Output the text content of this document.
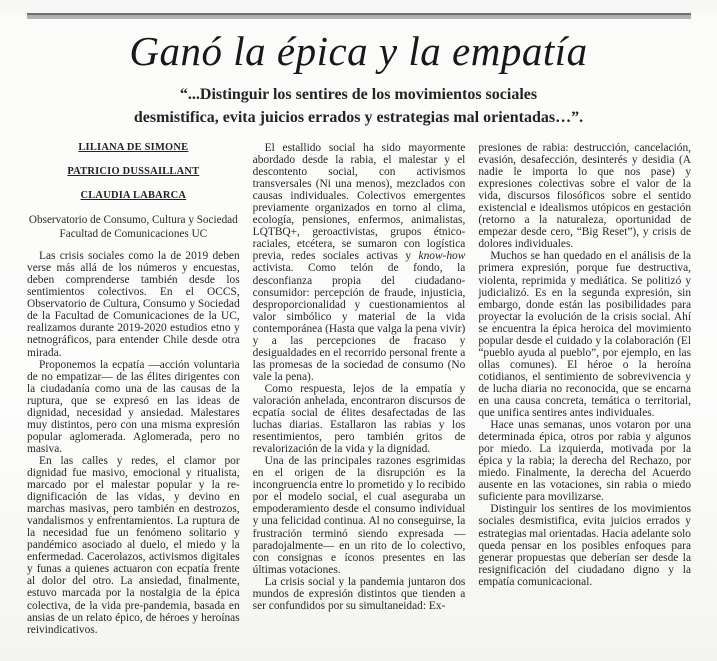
Ganó la épica y la empatía
“...Distinguir los sentires de los movimientos sociales
desmistifica, evita juicios errados y estrategias mal orientadas…”.
LILIANA DE SIMONE
PATRICIO DUSSAILLANT
CLAUDIA LABARCA
Observatorio de Consumo, Cultura y Sociedad
Facultad de Comunicaciones UC

Las crisis sociales como la de 2019 deben verse más allá de los números y encuestas, deben comprenderse también desde los sentimientos colectivos. En el OCCS, Observatorio de Cultura, Consumo y Sociedad de la Facultad de Comunicaciones de la UC, realizamos durante 2019-2020 estudios etno y netnográficos, para entender Chile desde otra mirada.

Proponemos la ecpatía —acción voluntaria de no empatizar— de las élites dirigentes con la ciudadanía como una de las causas de la ruptura, que se expresó en las ideas de dignidad, necesidad y ansiedad. Malestares muy distintos, pero con una misma expresión popular aglomerada. Aglomerada, pero no masiva.

En las calles y redes, el clamor por dignidad fue masivo, emocional y ritualista, marcado por el malestar popular y la re-dignificación de las vidas, y devino en marchas masivas, pero también en destrozos, vandalismos y enfrentamientos. La ruptura de la necesidad fue un fenómeno solitario y pandémico asociado al duelo, el miedo y la enfermedad. Cacerolazos, activismos digitales y funas a quienes actuaron con ecpatía frente al dolor del otro. La ansiedad, finalmente, estuvo marcada por la nostalgia de la épica colectiva, de la vida pre-pandemia, basada en ansias de un relato épico, de héroes y heroínas reivindicativos.

El estallido social ha sido mayormente abordado desde la rabia, el malestar y el descontento social, con activismos transversales (Ni una menos), mezclados con causas individuales. Colectivos emergentes previamente organizados en torno al clima, ecología, pensiones, enfermos, animalistas, LQTBQ+, geroactivistas, grupos étnico-raciales, etcétera, se sumaron con logística previa, redes sociales activas y know-how activista. Como telón de fondo, la desconfianza propia del ciudadano-consumidor: percepción de fraude, injusticia, desproporcionalidad y cuestionamientos al valor simbólico y material de la vida contemporánea (Hasta que valga la pena vivir) y a las percepciones de fracaso y desigualdades en el recorrido personal frente a las promesas de la sociedad de consumo (No vale la pena).

Como respuesta, lejos de la empatía y valoración anhelada, encontraron discursos de ecpatía social de élites desafectadas de las luchas diarias. Estallaron las rabias y los resentimientos, pero también gritos de revalorización de la vida y la dignidad.

Una de las principales razones esgrimidas en el origen de la disrupción es la incongruencia entre lo prometido y lo recibido por el modelo social, el cual aseguraba un empoderamiento desde el consumo individual y una felicidad continua. Al no conseguirse, la frustración terminó siendo expresada —paradojalmente— en un rito de lo colectivo, con consignas e íconos presentes en las últimas votaciones.

La crisis social y la pandemia juntaron dos mundos de expresión distintos que tienden a ser confundidos por su simultaneidad: Ex-

presiones de rabia: destrucción, cancelación, evasión, desafección, desinterés y desidia (A nadie le importa lo que nos pase) y expresiones colectivas sobre el valor de la vida, discursos filosóficos sobre el sentido existencial e idealismos utópicos en gestación (retorno a la naturaleza, oportunidad de empezar desde cero, “Big Reset”), y crisis de dolores individuales.

Muchos se han quedado en el análisis de la primera expresión, porque fue destructiva, violenta, reprimida y mediática. Se politizó y judicializó. Es en la segunda expresión, sin embargo, donde están las posibilidades para proyectar la evolución de la crisis social. Ahí se encuentra la épica heroica del movimiento popular desde el cuidado y la colaboración (El “pueblo ayuda al pueblo”, por ejemplo, en las ollas comunes). El héroe o la heroína cotidianos, el sentimiento de sobrevivencia y de lucha diaria no reconocida, que se encarna en una causa concreta, temática o territorial, que unifica sentires antes individuales.

Hace unas semanas, unos votaron por una determinada épica, otros por rabia y algunos por miedo. La izquierda, motivada por la épica y la rabia; la derecha del Rechazo, por miedo. Finalmente, la derecha del Acuerdo ausente en las votaciones, sin rabia o miedo suficiente para movilizarse.

Distinguir los sentires de los movimientos sociales desmistifica, evita juicios errados y estrategias mal orientadas. Hacia adelante solo queda pensar en los posibles enfoques para generar propuestas que deberían ser desde la resignificación del ciudadano digno y la empatía comunicacional.
